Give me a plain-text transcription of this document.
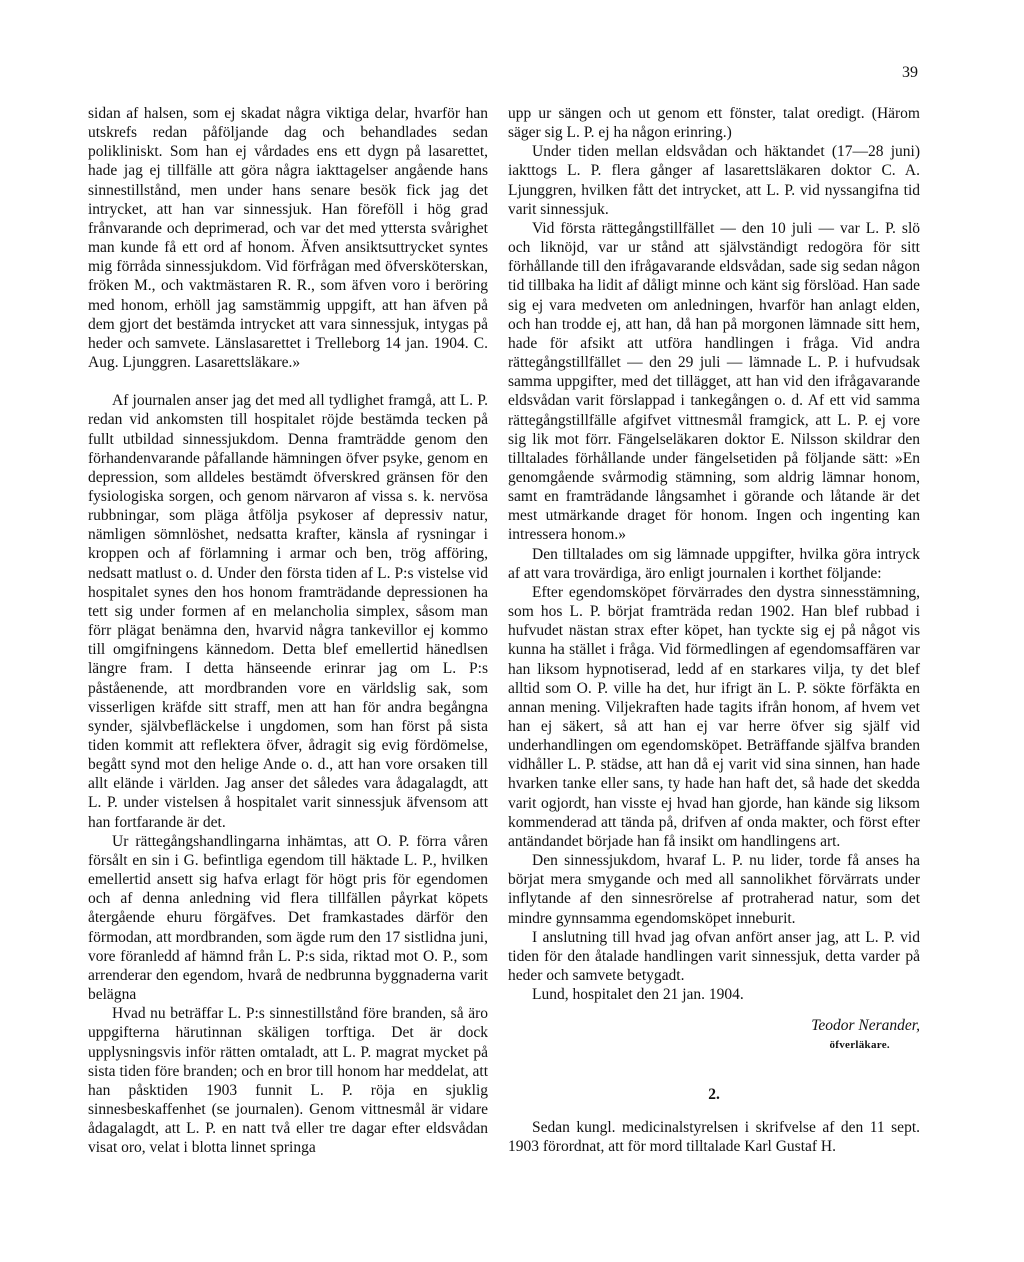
39

sidan af halsen, som ej skadat några viktiga delar, hvarför han utskrefs redan påföljande dag och behandlades sedan polikliniskt. Som han ej vårdades ens ett dygn på lasarettet, hade jag ej tillfälle att göra några iakttagelser angående hans sinnestillstånd, men under hans senare besök fick jag det intrycket, att han var sinnessjuk. Han föreföll i hög grad frånvarande och deprimerad, och var det med yttersta svårighet man kunde få ett ord af honom. Äfven ansiktsuttrycket syntes mig förråda sinnessjukdom. Vid förfrågan med öfversköterskan, fröken M., och vaktmästaren R. R., som äfven voro i beröring med honom, erhöll jag samstämmig uppgift, att han äfven på dem gjort det bestämda intrycket att vara sinnessjuk, intygas på heder och samvete. Länslasarettet i Trelleborg 14 jan. 1904. C. Aug. Ljunggren. Lasarettsläkare.»

Af journalen anser jag det med all tydlighet framgå, att L. P. redan vid ankomsten till hospitalet röjde bestämda tecken på fullt utbildad sinnessjukdom. Denna framträdde genom den förhandenvarande påfallande hämningen öfver psyke, genom en depression, som alldeles bestämdt öfverskred gränsen för den fysiologiska sorgen, och genom närvaron af vissa s. k. nervösa rubbningar, som pläga åtfölja psykoser af depressiv natur, nämligen sömnlöshet, nedsatta krafter, känsla af rysningar i kroppen och af förlamning i armar och ben, trög afföring, nedsatt matlust o. d. Under den första tiden af L. P:s vistelse vid hospitalet synes den hos honom framträdande depressionen ha tett sig under formen af en melancholia simplex, såsom man förr plägat benämna den, hvarvid några tankevillor ej kommo till omgifningens kännedom. Detta blef emellertid hänedlsen längre fram. I detta hänseende erinrar jag om L. P:s påståenende, att mordbranden vore en världslig sak, som visserligen kräfde sitt straff, men att han för andra begångna synder, självbefläckelse i ungdomen, som han först på sista tiden kommit att reflektera öfver, ådragit sig evig fördömelse, begått synd mot den helige Ande o. d., att han vore orsaken till allt elände i världen. Jag anser det således vara ådagalagdt, att L. P. under vistelsen å hospitalet varit sinnessjuk äfvensom att han fortfarande är det.

Ur rättegångshandlingarna inhämtas, att O. P. förra våren försålt en sin i G. befintliga egendom till häktade L. P., hvilken emellertid ansett sig hafva erlagt för högt pris för egendomen och af denna anledning vid flera tillfällen påyrkat köpets återgående ehuru förgäfves. Det framkastades därför den förmodan, att mordbranden, som ägde rum den 17 sistlidna juni, vore föranledd af hämnd från L. P:s sida, riktad mot O. P., som arrenderar den egendom, hvarå de nedbrunna byggnaderna varit belägna

Hvad nu beträffar L. P:s sinnestillstånd före branden, så äro uppgifterna härutinnan skäligen torftiga. Det är dock upplysningsvis inför rätten omtaladt, att L. P. magrat mycket på sista tiden före branden; och en bror till honom har meddelat, att han påsktiden 1903 funnit L. P. röja en sjuklig sinnesbeskaffenhet (se journalen). Genom vittnesmål är vidare ådagalagdt, att L. P. en natt två eller tre dagar efter eldsvådan visat oro, velat i blotta linnet springa

upp ur sängen och ut genom ett fönster, talat oredigt. (Härom säger sig L. P. ej ha någon erinring.)

Under tiden mellan eldsvådan och häktandet (17—28 juni) iakttogs L. P. flera gånger af lasarettsläkaren doktor C. A. Ljunggren, hvilken fått det intrycket, att L. P. vid nyssangifna tid varit sinnessjuk.

Vid första rättegångstillfället — den 10 juli — var L. P. slö och liknöjd, var ur stånd att självständigt redogöra för sitt förhållande till den ifrågavarande eldsvådan, sade sig sedan någon tid tillbaka ha lidit af dåligt minne och känt sig förslöad. Han sade sig ej vara medveten om anledningen, hvarför han anlagt elden, och han trodde ej, att han, då han på morgonen lämnade sitt hem, hade för afsikt att utföra handlingen i fråga. Vid andra rättegångstillfället — den 29 juli — lämnade L. P. i hufvudsak samma uppgifter, med det tillägget, att han vid den ifrågavarande eldsvådan varit förslappad i tankegången o. d. Af ett vid samma rättegångstillfälle afgifvet vittnesmål framgick, att L. P. ej vore sig lik mot förr. Fängelseläkaren doktor E. Nilsson skildrar den tilltalades förhållande under fängelsetiden på följande sätt: »En genomgående svårmodig stämning, som aldrig lämnar honom, samt en framträdande långsamhet i görande och låtande är det mest utmärkande draget för honom. Ingen och ingenting kan intressera honom.»

Den tilltalades om sig lämnade uppgifter, hvilka göra intryck af att vara trovärdiga, äro enligt journalen i korthet följande:

Efter egendomsköpet förvärrades den dystra sinnesstämning, som hos L. P. börjat framträda redan 1902. Han blef rubbad i hufvudet nästan strax efter köpet, han tyckte sig ej på något vis kunna ha stället i fråga. Vid förmedlingen af egendomsaffären var han liksom hypnotiserad, ledd af en starkares vilja, ty det blef alltid som O. P. ville ha det, hur ifrigt än L. P. sökte förfäkta en annan mening. Viljekraften hade tagits ifrån honom, af hvem vet han ej säkert, så att han ej var herre öfver sig själf vid underhandlingen om egendomsköpet. Beträffande själfva branden vidhåller L. P. städse, att han då ej varit vid sina sinnen, han hade hvarken tanke eller sans, ty hade han haft det, så hade det skedda varit ogjordt, han visste ej hvad han gjorde, han kände sig liksom kommenderad att tända på, drifven af onda makter, och först efter antändandet började han få insikt om handlingens art.

Den sinnessjukdom, hvaraf L. P. nu lider, torde få anses ha börjat mera smygande och med all sannolikhet förvärrats under inflytande af den sinnesrörelse af protraherad natur, som det mindre gynnsamma egendomsköpet inneburit.

I anslutning till hvad jag ofvan anfört anser jag, att L. P. vid tiden för den åtalade handlingen varit sinnessjuk, detta varder på heder och samvete betygadt.

Lund, hospitalet den 21 jan. 1904.

Teodor Nerander,

öfverläkare.

2.

Sedan kungl. medicinalstyrelsen i skrifvelse af den 11 sept. 1903 förordnat, att för mord tilltalade Karl Gustaf H.
